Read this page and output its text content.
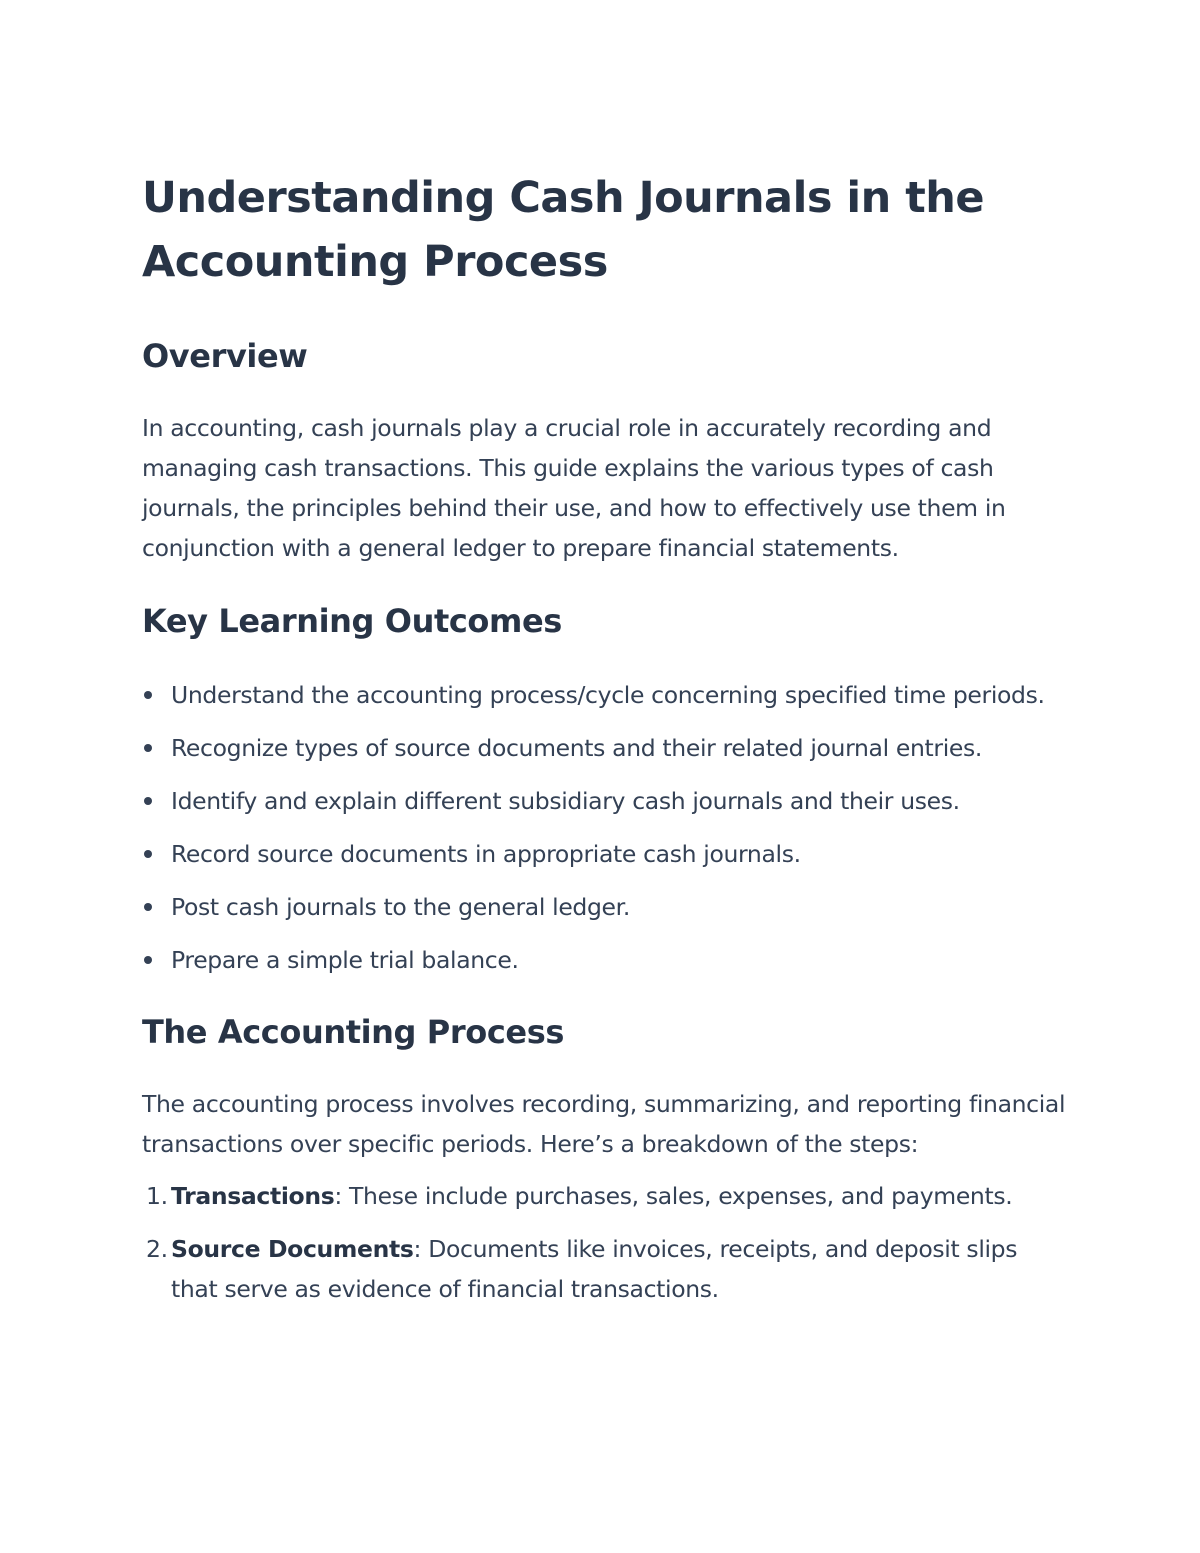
Understanding Cash Journals in the Accounting Process
Overview

In accounting, cash journals play a crucial role in accurately recording and managing cash transactions. This guide explains the various types of cash journals, the principles behind their use, and how to effectively use them in conjunction with a general ledger to prepare financial statements.

Key Learning Outcomes
Understand the accounting process/cycle concerning specified time periods.
Recognize types of source documents and their related journal entries.
Identify and explain different subsidiary cash journals and their uses.
Record source documents in appropriate cash journals.
Post cash journals to the general ledger.
Prepare a simple trial balance.
The Accounting Process

The accounting process involves recording, summarizing, and reporting financial transactions over specific periods. Here’s a breakdown of the steps:

1. Transactions: These include purchases, sales, expenses, and payments.
2. Source Documents: Documents like invoices, receipts, and deposit slips that serve as evidence of financial transactions.
